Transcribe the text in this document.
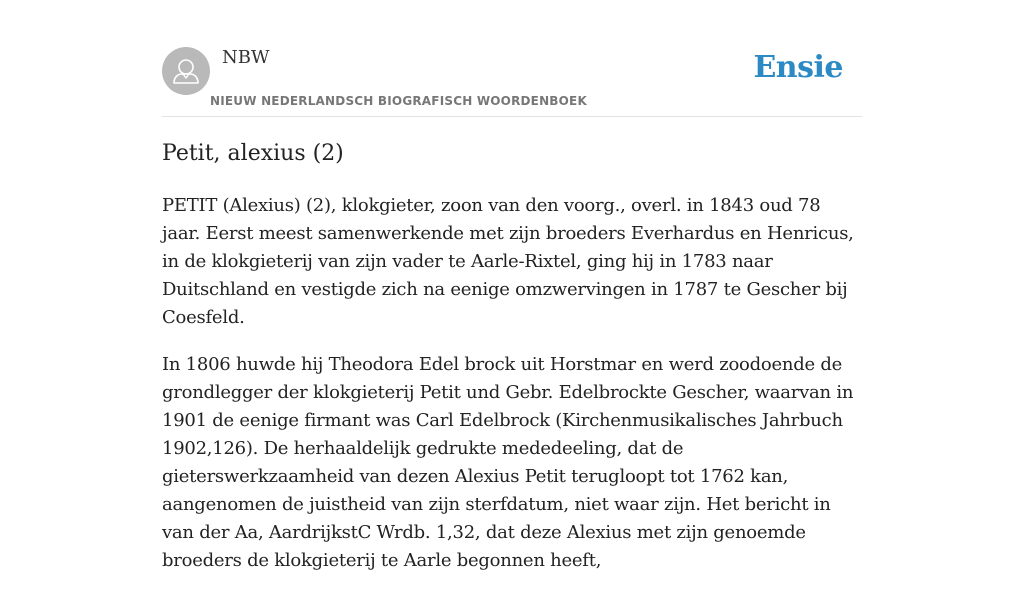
NBW
NIEUW NEDERLANDSCH BIOGRAFISCH WOORDENBOEK
Ensie
Petit, alexius (2)

PETIT (Alexius) (2), klokgieter, zoon van den voorg., overl. in 1843 oud 78 jaar. Eerst meest samenwerkende met zijn broeders Everhardus en Henricus, in de klokgieterij van zijn vader te Aarle-Rixtel, ging hij in 1783 naar Duitschland en vestigde zich na eenige omzwervingen in 1787 te Gescher bij Coesfeld.

In 1806 huwde hij Theodora Edel brock uit Horstmar en werd zoodoende de grondlegger der klokgieterij Petit und Gebr. Edelbrockte Gescher, waarvan in 1901 de eenige firmant was Carl Edelbrock (Kirchenmusikalisches Jahrbuch 1902,126). De herhaaldelijk gedrukte mededeeling, dat de gieterswerkzaamheid van dezen Alexius Petit terugloopt tot 1762 kan, aangenomen de juistheid van zijn sterfdatum, niet waar zijn. Het bericht in van der Aa, AardrijkstC Wrdb. 1,32, dat deze Alexius met zijn genoemde broeders de klokgieterij te Aarle begonnen heeft,
